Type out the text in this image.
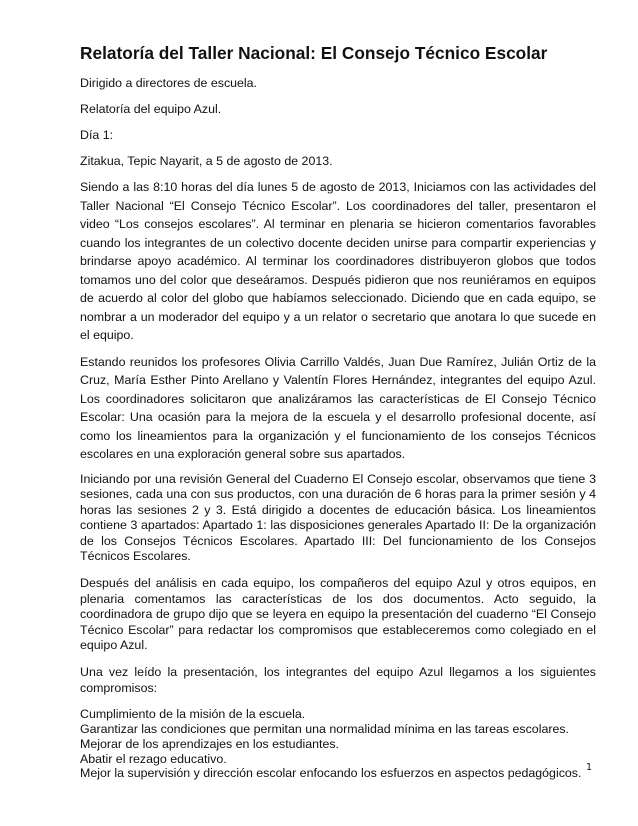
Relatoría del Taller Nacional: El Consejo Técnico Escolar

Dirigido a directores de escuela.

Relatoría del equipo Azul.

Día 1:

Zitakua, Tepic Nayarit, a 5 de agosto de 2013.

Siendo a las 8:10 horas del día lunes 5 de agosto de 2013, Iniciamos con las actividades del Taller Nacional “El Consejo Técnico Escolar”. Los coordinadores del taller, presentaron el video “Los consejos escolares”. Al terminar en plenaria se hicieron comentarios favorables cuando los integrantes de un colectivo docente deciden unirse para compartir experiencias y brindarse apoyo académico. Al terminar los coordinadores distribuyeron globos que todos tomamos uno del color que deseáramos. Después pidieron que nos reuniéramos en equipos de acuerdo al color del globo que habíamos seleccionado. Diciendo que en cada equipo, se nombrar a un moderador del equipo y a un relator o secretario que anotara lo que sucede en el equipo.

Estando reunidos los profesores Olivia Carrillo Valdés, Juan Due Ramírez, Julián Ortiz de la Cruz, María Esther Pinto Arellano y Valentín Flores Hernández, integrantes del equipo Azul. Los coordinadores solicitaron que analizáramos las características de El Consejo Técnico Escolar: Una ocasión para la mejora de la escuela y el desarrollo profesional docente, así como los lineamientos para la organización y el funcionamiento de los consejos Técnicos escolares en una exploración general sobre sus apartados.

Iniciando por una revisión General del Cuaderno El Consejo escolar, observamos que tiene 3 sesiones, cada una con sus productos, con una duración de 6 horas para la primer sesión y 4 horas las sesiones 2 y 3. Está dirigido a docentes de educación básica. Los lineamientos contiene 3 apartados: Apartado 1: las disposiciones generales Apartado II: De la organización de los Consejos Técnicos Escolares. Apartado III: Del funcionamiento de los Consejos Técnicos Escolares.

Después del análisis en cada equipo, los compañeros del equipo Azul y otros equipos, en plenaria comentamos las características de los dos documentos. Acto seguido, la coordinadora de grupo dijo que se leyera en equipo la presentación del cuaderno “El Consejo Técnico Escolar” para redactar los compromisos que estableceremos como colegiado en el equipo Azul.

Una vez leído la presentación, los integrantes del equipo Azul llegamos a los siguientes compromisos:

Cumplimiento de la misión de la escuela.
Garantizar las condiciones que permitan una normalidad mínima en las tareas escolares.
Mejorar de los aprendizajes en los estudiantes.
Abatir el rezago educativo.
Mejor la supervisión y dirección escolar enfocando los esfuerzos en aspectos pedagógicos. 1
